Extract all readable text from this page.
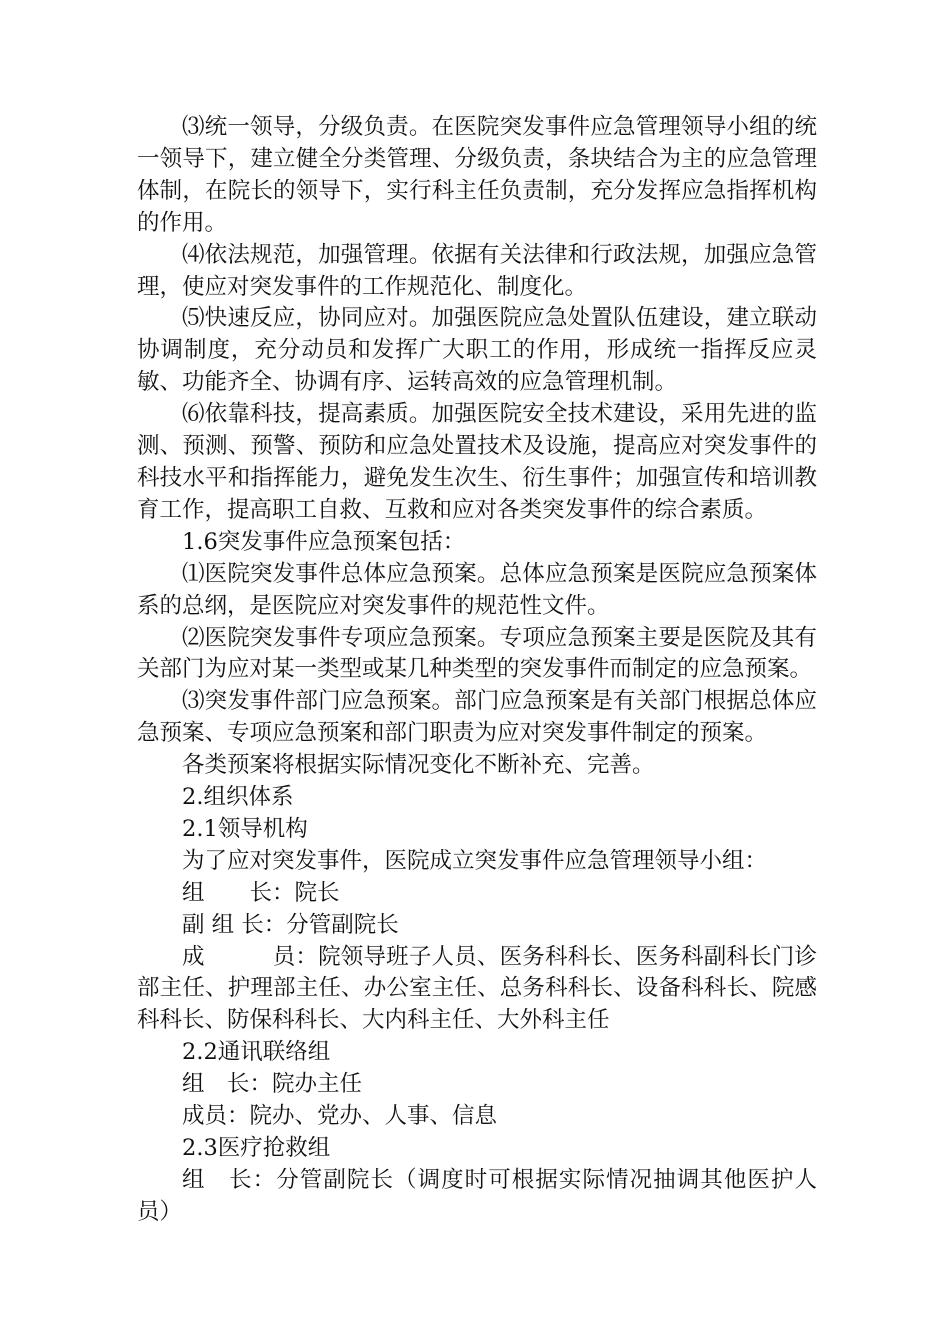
⑶统一领导，分级负责。在医院突发事件应急管理领导小组的统一领导下，建立健全分类管理、分级负责，条块结合为主的应急管理体制，在院长的领导下，实行科主任负责制，充分发挥应急指挥机构的作用。

⑷依法规范，加强管理。依据有关法律和行政法规，加强应急管理，使应对突发事件的工作规范化、制度化。

⑸快速反应，协同应对。加强医院应急处置队伍建设，建立联动协调制度，充分动员和发挥广大职工的作用，形成统一指挥反应灵敏、功能齐全、协调有序、运转高效的应急管理机制。

⑹依靠科技，提高素质。加强医院安全技术建设，采用先进的监测、预测、预警、预防和应急处置技术及设施，提高应对突发事件的科技水平和指挥能力，避免发生次生、衍生事件；加强宣传和培训教育工作，提高职工自救、互救和应对各类突发事件的综合素质。

1.6突发事件应急预案包括：

⑴医院突发事件总体应急预案。总体应急预案是医院应急预案体系的总纲，是医院应对突发事件的规范性文件。

⑵医院突发事件专项应急预案。专项应急预案主要是医院及其有关部门为应对某一类型或某几种类型的突发事件而制定的应急预案。

⑶突发事件部门应急预案。部门应急预案是有关部门根据总体应急预案、专项应急预案和部门职责为应对突发事件制定的预案。

各类预案将根据实际情况变化不断补充、完善。

2.组织体系

2.1领导机构

为了应对突发事件，医院成立突发事件应急管理领导小组：

组　　长：院长

副 组 长：分管副院长

成　　　员：院领导班子人员、医务科科长、医务科副科长门诊部主任、护理部主任、办公室主任、总务科科长、设备科科长、院感科科长、防保科科长、大内科主任、大外科主任

2.2通讯联络组

组　长：院办主任

成员：院办、党办、人事、信息

2.3医疗抢救组

组　长：分管副院长（调度时可根据实际情况抽调其他医护人员）
